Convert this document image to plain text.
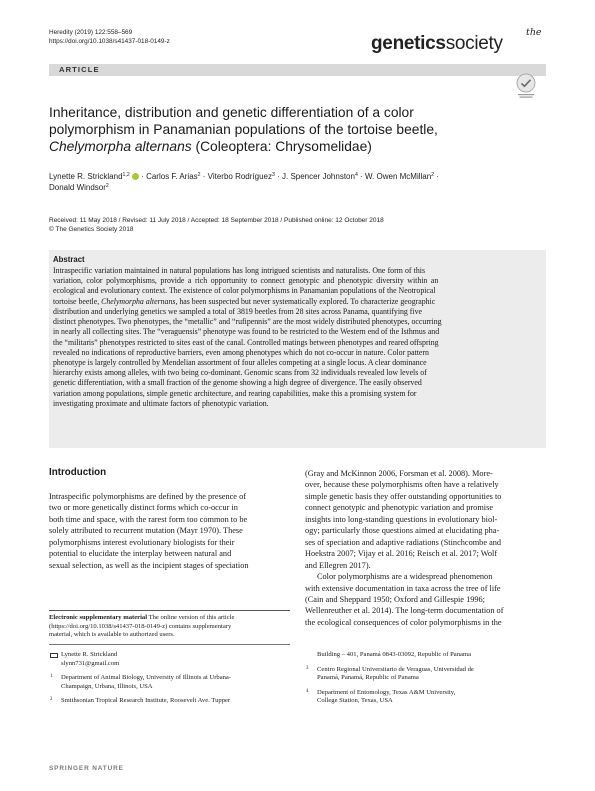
Heredity (2019) 122:558–569
https://doi.org/10.1038/s41437-018-0149-z
the
geneticssociety
ARTICLE
Inheritance, distribution and genetic differentiation of a color
polymorphism in Panamanian populations of the tortoise beetle,
Chelymorpha alternans (Coleoptera: Chrysomelidae)
Lynette R. Strickland$^{1,2}$  · Carlos F. Arias$^2$ · Viterbo Rodríguez$^3$ · J. Spencer Johnston$^4$ · W. Owen McMillan$^2$ ·
Donald Windsor$^2$
Received: 11 May 2018 / Revised: 11 July 2018 / Accepted: 18 September 2018 / Published online: 12 October 2018
© The Genetics Society 2018
Abstract
Intraspecific variation maintained in natural populations has long intrigued scientists and naturalists. One form of this
variation, color polymorphisms, provide a rich opportunity to connect genotypic and phenotypic diversity within an
ecological and evolutionary context. The existence of color polymorphisms in Panamanian populations of the Neotropical
tortoise beetle, Chelymorpha alternans, has been suspected but never systematically explored. To characterize geographic
distribution and underlying genetics we sampled a total of 3819 beetles from 28 sites across Panama, quantifying five
distinct phenotypes. Two phenotypes, the “metallic” and “rufipennis” are the most widely distributed phenotypes, occurring
in nearly all collecting sites. The “veraguensis” phenotype was found to be restricted to the Western end of the Isthmus and
the “militaris” phenotypes restricted to sites east of the canal. Controlled matings between phenotypes and reared offspring
revealed no indications of reproductive barriers, even among phenotypes which do not co-occur in nature. Color pattern
phenotype is largely controlled by Mendelian assortment of four alleles competing at a single locus. A clear dominance
hierarchy exists among alleles, with two being co-dominant. Genomic scans from 32 individuals revealed low levels of
genetic differentiation, with a small fraction of the genome showing a high degree of divergence. The easily observed
variation among populations, simple genetic architecture, and rearing capabilities, make this a promising system for
investigating proximate and ultimate factors of phenotypic variation.
Introduction
Intraspecific polymorphisms are defined by the presence of
two or more genetically distinct forms which co-occur in
both time and space, with the rarest form too common to be
solely attributed to recurrent mutation (Mayr 1970). These
polymorphisms interest evolutionary biologists for their
potential to elucidate the interplay between natural and
sexual selection, as well as the incipient stages of speciation
(Gray and McKinnon 2006, Forsman et al. 2008). More-
over, because these polymorphisms often have a relatively
simple genetic basis they offer outstanding opportunities to
connect genotypic and phenotypic variation and promise
insights into long-standing questions in evolutionary biol-
ogy; particularly those questions aimed at elucidating pha-
ses of speciation and adaptive radiations (Stinchcombe and
Hoekstra 2007; Vijay et al. 2016; Reisch et al. 2017; Wolf
and Ellegren 2017).
Color polymorphisms are a widespread phenomenon
with extensive documentation in taxa across the tree of life
(Cain and Sheppard 1950; Oxford and Gillespie 1996;
Wellenreuther et al. 2014). The long-term documentation of
the ecological consequences of color polymorphisms in the
Electronic supplementary material The online version of this article
(https://doi.org/10.1038/s41437-018-0149-z) contains supplementary
material, which is available to authorized users.
Lynette R. Strickland
slynn731@gmail.com
1 Department of Animal Biology, University of Illinois at Urbana-
Champaign, Urbana, Illinois, USA
2 Smithsonian Tropical Research Institute, Roosevelt Ave. Tupper
Building – 401, Panamá 0843-03092, Republic of Panama
3 Centro Regional Universitario de Veraguas, Universidad de
Panamá, Panamá, Republic of Panama
4 Department of Entomology, Texas A&M University,
College Station, Texas, USA
SPRINGER NATURE
